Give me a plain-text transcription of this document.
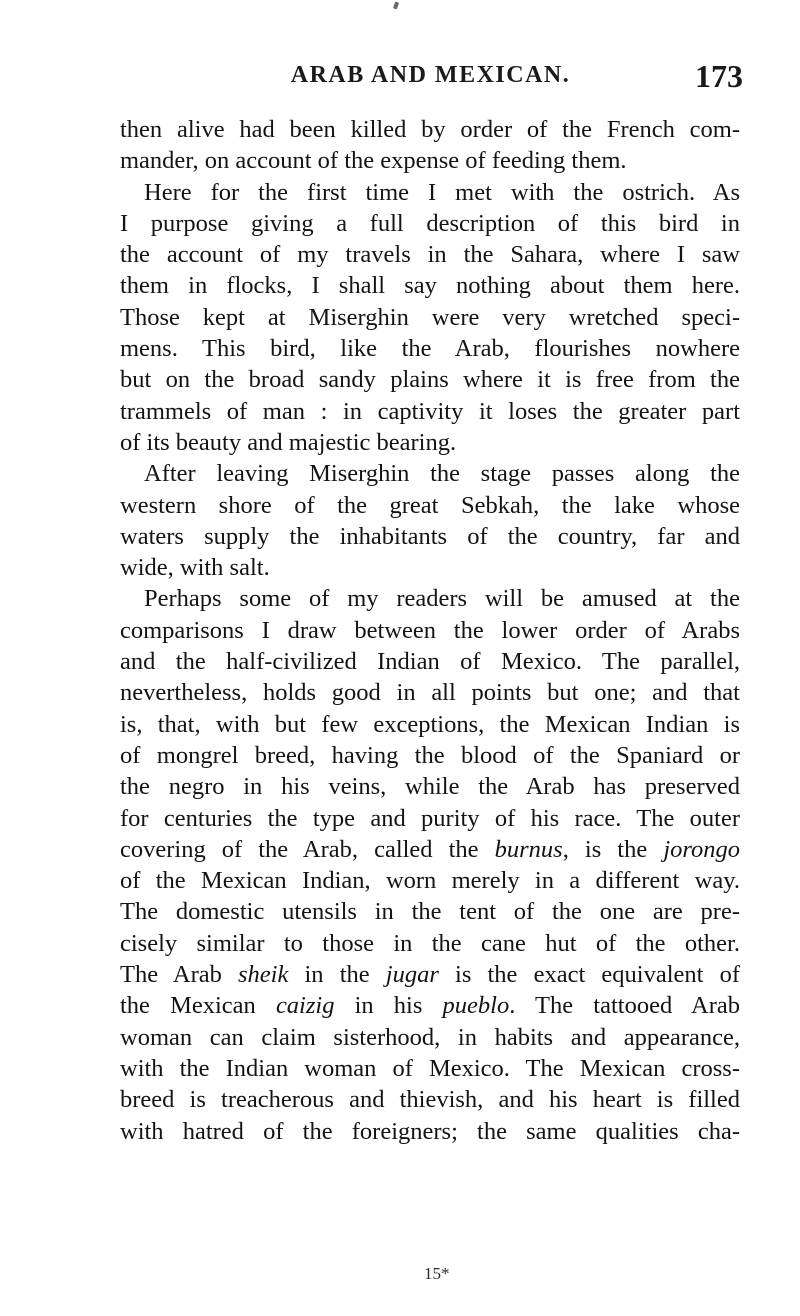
ARAB AND MEXICAN.	173
then alive had been killed by order of the French com-
mander, on account of the expense of feeding them.
Here for the first time I met with the ostrich. As
I purpose giving a full description of this bird in
the account of my travels in the Sahara, where I saw
them in flocks, I shall say nothing about them here.
Those kept at Miserghin were very wretched speci-
mens. This bird, like the Arab, flourishes nowhere
but on the broad sandy plains where it is free from the
trammels of man : in captivity it loses the greater part
of its beauty and majestic bearing.
After leaving Miserghin the stage passes along the
western shore of the great Sebkah, the lake whose
waters supply the inhabitants of the country, far and
wide, with salt.
Perhaps some of my readers will be amused at the
comparisons I draw between the lower order of Arabs
and the half-civilized Indian of Mexico. The parallel,
nevertheless, holds good in all points but one; and that
is, that, with but few exceptions, the Mexican Indian is
of mongrel breed, having the blood of the Spaniard or
the negro in his veins, while the Arab has preserved
for centuries the type and purity of his race. The outer
covering of the Arab, called the burnus, is the jorongo
of the Mexican Indian, worn merely in a different way.
The domestic utensils in the tent of the one are pre-
cisely similar to those in the cane hut of the other.
The Arab sheik in the jugar is the exact equivalent of
the Mexican caizig in his pueblo. The tattooed Arab
woman can claim sisterhood, in habits and appearance,
with the Indian woman of Mexico. The Mexican cross-
breed is treacherous and thievish, and his heart is filled
with hatred of the foreigners; the same qualities cha-
15*
